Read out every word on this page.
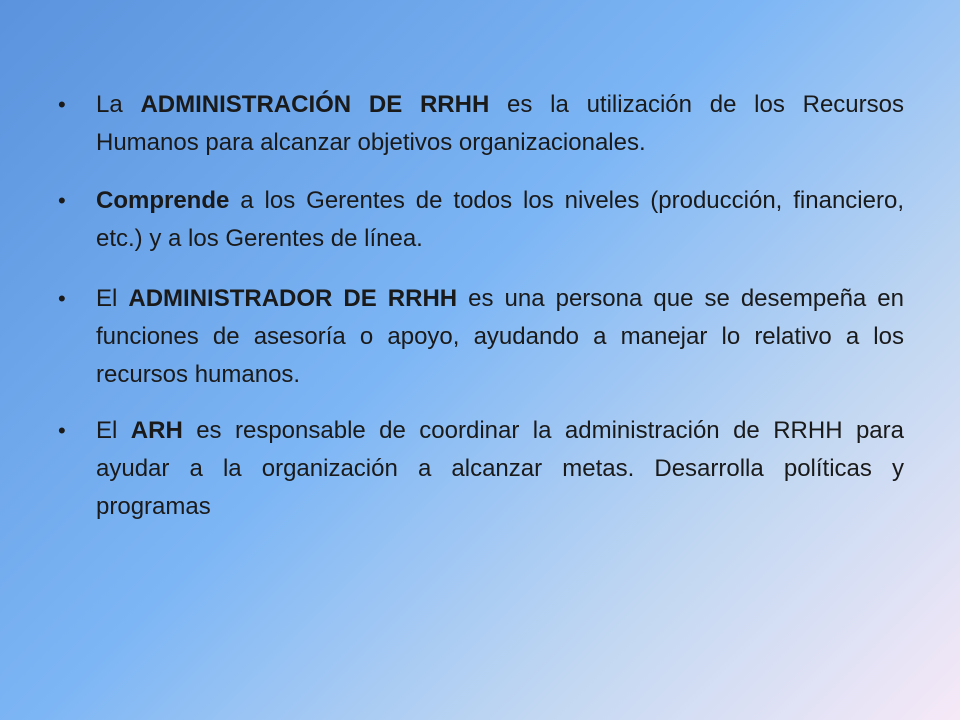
• La ADMINISTRACIÓN DE RRHH es la utilización de los Recursos Humanos para alcanzar objetivos organizacionales.
• Comprende a los Gerentes de todos los niveles (producción, financiero, etc.) y a los Gerentes de línea.
• El ADMINISTRADOR DE RRHH es una persona que se desempeña en funciones de asesoría o apoyo, ayudando a manejar lo relativo a los recursos humanos.
• El ARH es responsable de coordinar la administración de RRHH para ayudar a la organización a alcanzar metas. Desarrolla políticas y programas
